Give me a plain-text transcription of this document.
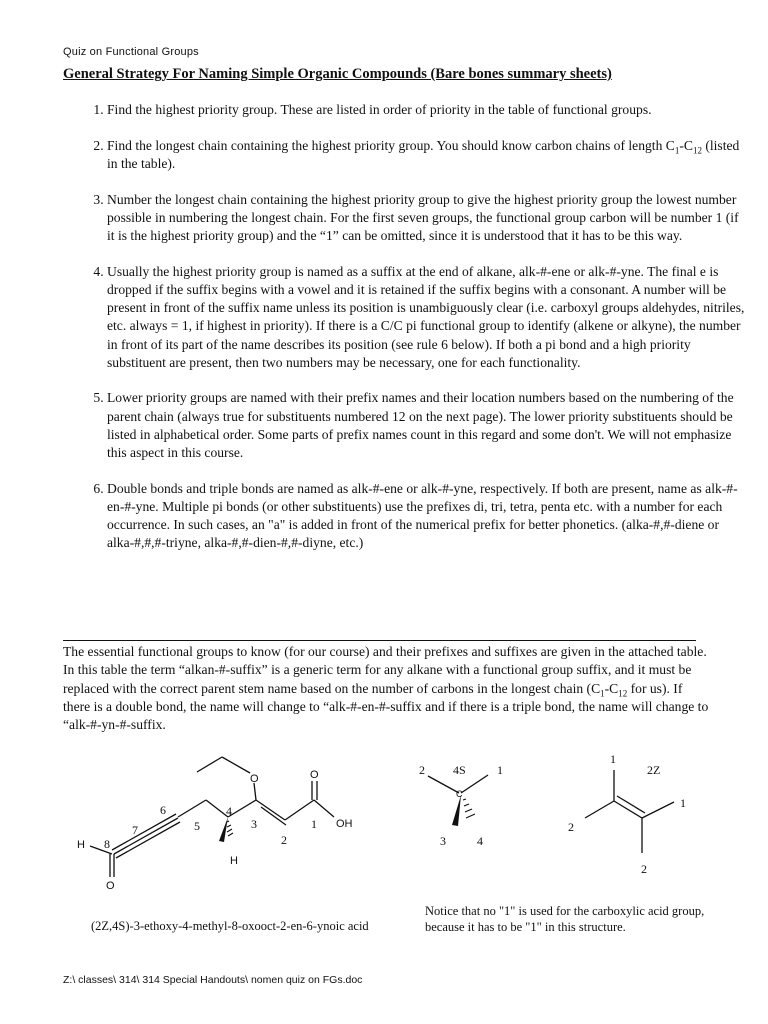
Quiz on Functional Groups
General Strategy For Naming Simple Organic Compounds (Bare bones summary sheets)
1. Find the highest priority group. These are listed in order of priority in the table of functional groups.
2. Find the longest chain containing the highest priority group. You should know carbon chains of length $C_1-C_{12}$ (listed in the table).
3. Number the longest chain containing the highest priority group to give the highest priority group the lowest number possible in numbering the longest chain. For the first seven groups, the functional group carbon will be number 1 (if it is the highest priority group) and the “1” can be omitted, since it is understood that it has to be this way.
4. Usually the highest priority group is named as a suffix at the end of alkane, alk-#-ene or alk-#-yne. The final e is dropped if the suffix begins with a vowel and it is retained if the suffix begins with a consonant. A number will be present in front of the suffix name unless its position is unambiguously clear (i.e. carboxyl groups aldehydes, nitriles, etc. always = 1, if highest in priority). If there is a C/C pi functional group to identify (alkene or alkyne), the number in front of its part of the name describes its position (see rule 6 below). If both a pi bond and a high priority substituent are present, then two numbers may be necessary, one for each functionality.
5. Lower priority groups are named with their prefix names and their location numbers based on the numbering of the parent chain (always true for substituents numbered 12 on the next page). The lower priority substituents should be listed in alphabetical order. Some parts of prefix names count in this regard and some don't. We will not emphasize this aspect in this course.
6. Double bonds and triple bonds are named as alk-#-ene or alk-#-yne, respectively. If both are present, name as alk-#-en-#-yne. Multiple pi bonds (or other substituents) use the prefixes di, tri, tetra, penta etc. with a number for each occurrence. In such cases, an "a" is added in front of the numerical prefix for better phonetics. (alka-#,#-diene or alka-#,#,#-triyne, alka-#,#-dien-#,#-diyne, etc.)
The essential functional groups to know (for our course) and their prefixes and suffixes are given in the attached table. In this table the term “alkan-#-suffix” is a generic term for any alkane with a functional group suffix, and it must be replaced with the correct parent stem name based on the number of carbons in the longest chain ($C_1-C_{12}$ for us). If there is a double bond, the name will change to “alk-#-en-#-suffix and if there is a triple bond, the name will change to “alk-#-yn-#-suffix.
O	O
OH
H
O
H
1
2
3
4
5
6
7
8
2 4S	1
3	4
C
1
2Z
1
2
2
(2Z,4S)-3-ethoxy-4-methyl-8-oxooct-2-en-6-ynoic acid
Notice that no "1" is used for the carboxylic acid group, because it has to be "1" in this structure.
Z:\ classes\ 314\ 314 Special Handouts\ nomen quiz on FGs.doc
